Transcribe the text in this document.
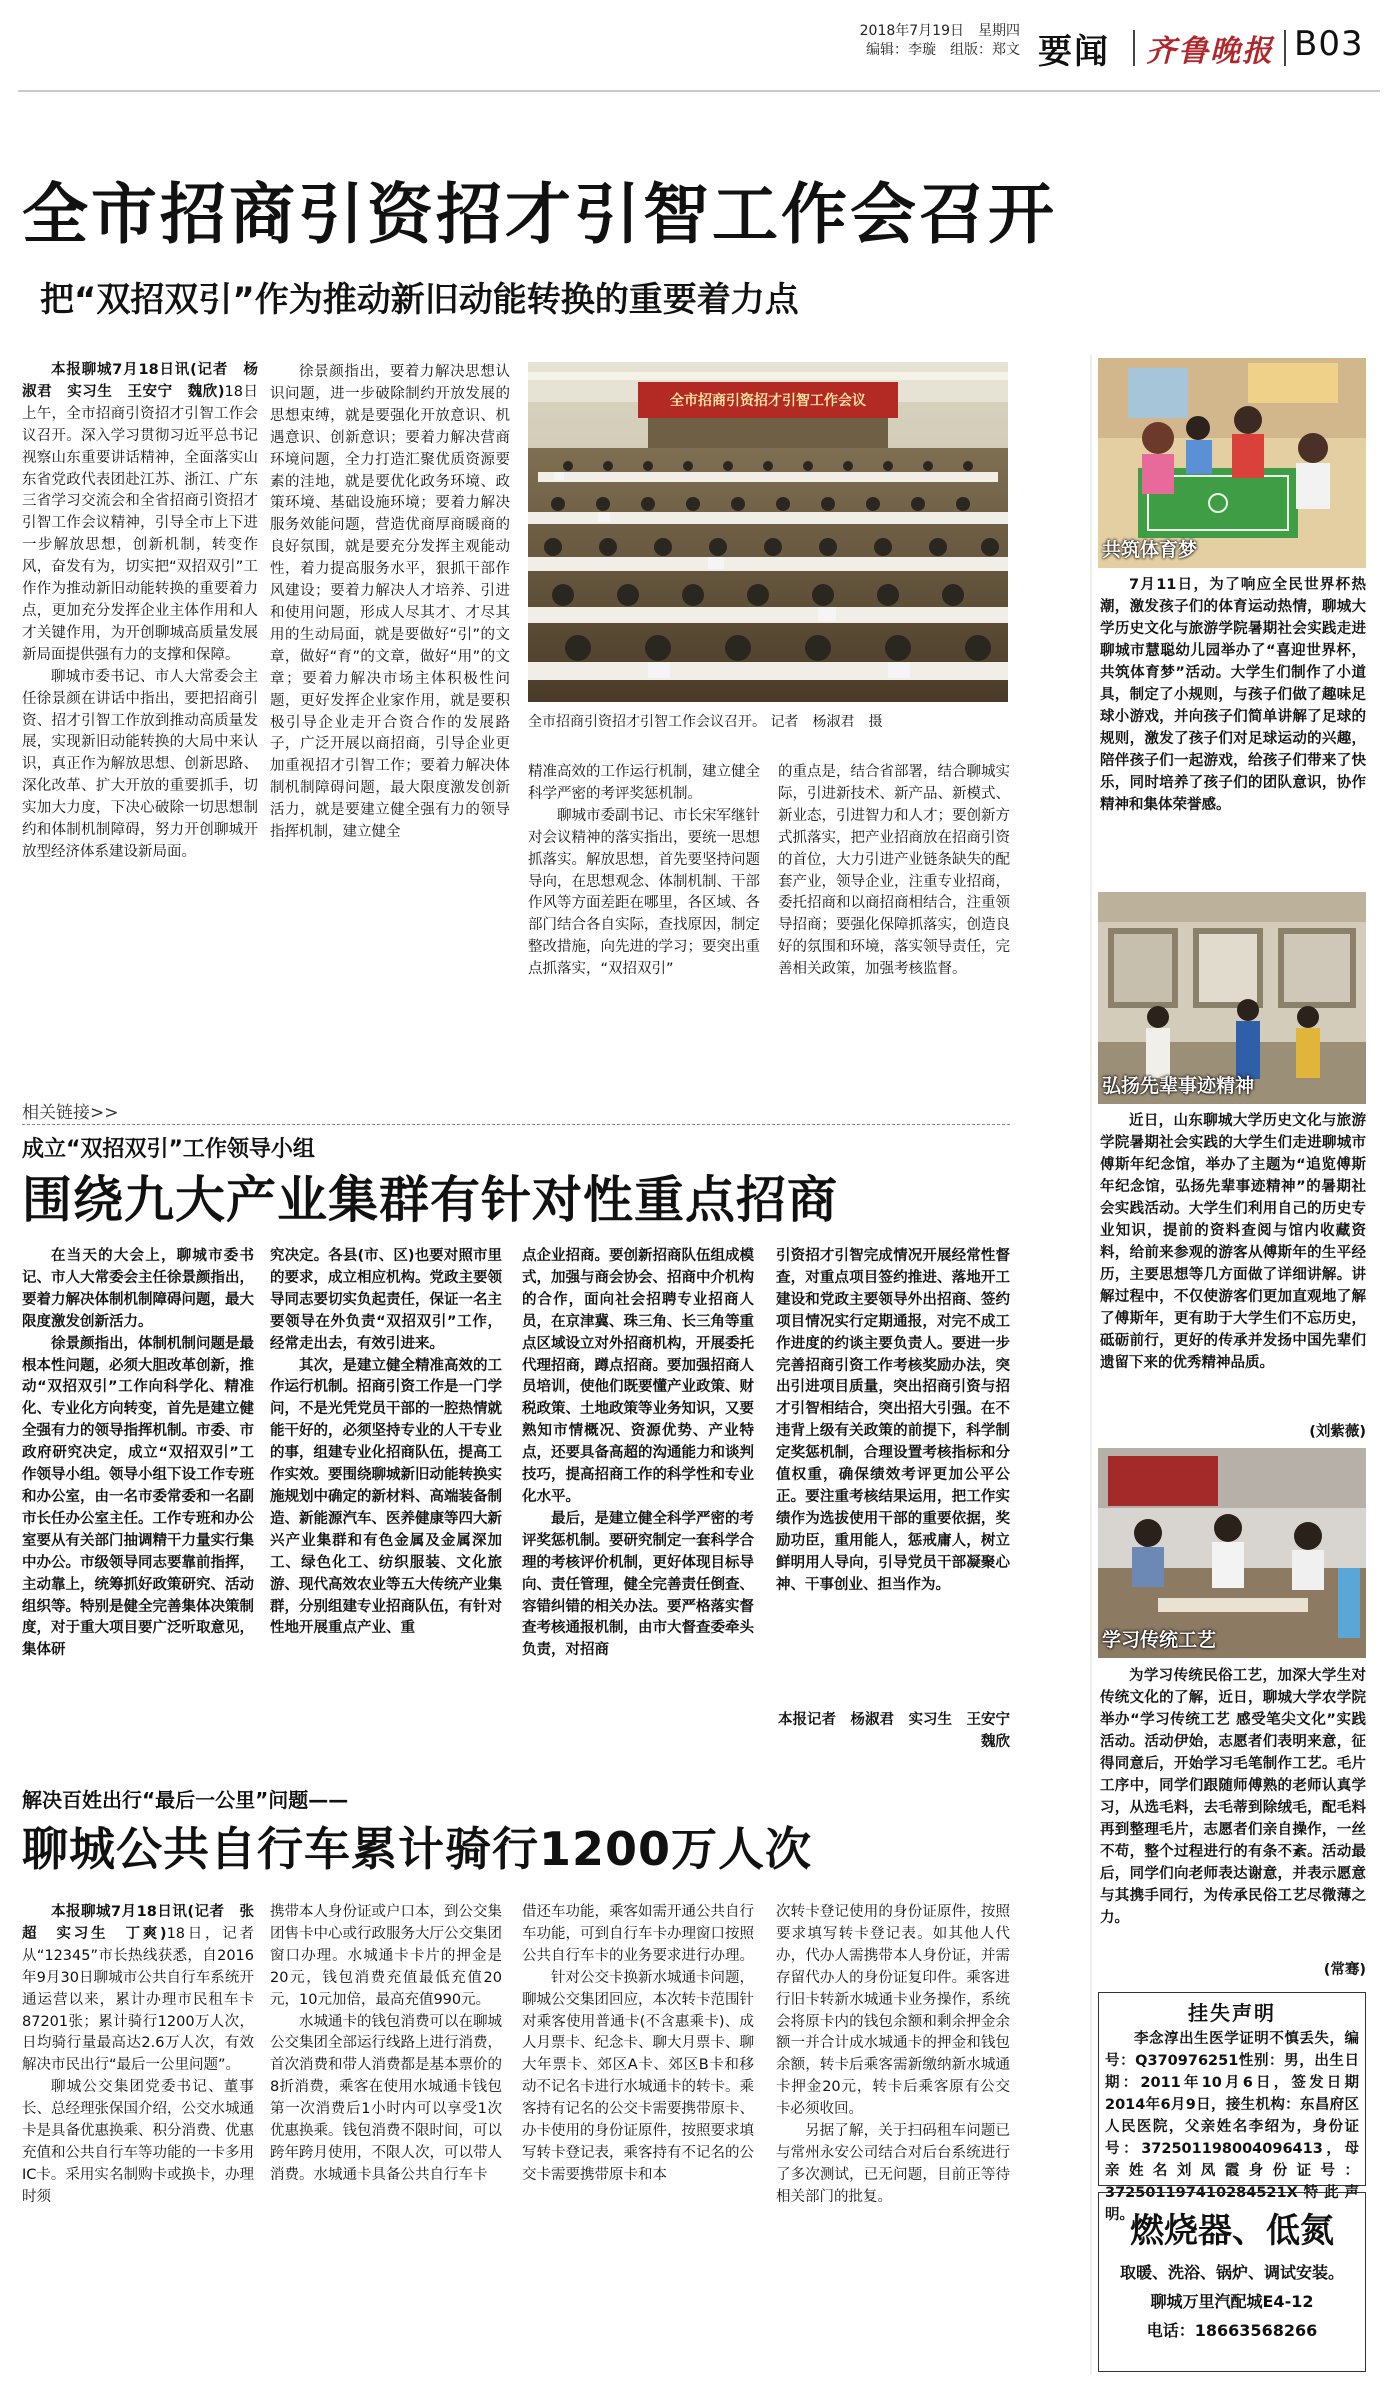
2018年7月19日　星期四
编辑：李璇　组版：郑文 要闻 齐鲁晚报 B03
全市招商引资招才引智工作会召开
把“双招双引”作为推动新旧动能转换的重要着力点
本报聊城7月18日讯(记者　杨淑君　实习生　王安宁　魏欣)18日上午，全市招商引资招才引智工作会议召开。深入学习贯彻习近平总书记视察山东重要讲话精神，全面落实山东省党政代表团赴江苏、浙江、广东三省学习交流会和全省招商引资招才引智工作会议精神，引导全市上下进一步解放思想，创新机制，转变作风，奋发有为，切实把“双招双引”工作作为推动新旧动能转换的重要着力点，更加充分发挥企业主体作用和人才关键作用，为开创聊城高质量发展新局面提供强有力的支撑和保障。
聊城市委书记、市人大常委会主任徐景颜在讲话中指出，要把招商引资、招才引智工作放到推动高质量发展，实现新旧动能转换的大局中来认识，真正作为解放思想、创新思路、深化改革、扩大开放的重要抓手，切实加大力度，下决心破除一切思想制约和体制机制障碍，努力开创聊城开放型经济体系建设新局面。
徐景颜指出，要着力解决思想认识问题，进一步破除制约开放发展的思想束缚，就是要强化开放意识、机遇意识、创新意识；要着力解决营商环境问题，全力打造汇聚优质资源要素的洼地，就是要优化政务环境、政策环境、基础设施环境；要着力解决服务效能问题，营造优商厚商暖商的良好氛围，就是要充分发挥主观能动性，着力提高服务水平，狠抓干部作风建设；要着力解决人才培养、引进和使用问题，形成人尽其才、才尽其用的生动局面，就是要做好“引”的文章，做好“育”的文章，做好“用”的文章；要着力解决市场主体积极性问题，更好发挥企业家作用，就是要积极引导企业走开合资合作的发展路子，广泛开展以商招商，引导企业更加重视招才引智工作；要着力解决体制机制障碍问题，最大限度激发创新活力，就是要建立健全强有力的领导指挥机制，建立健全
全市招商引资招才引智工作会议
全市招商引资招才引智工作会议召开。 记者　杨淑君　摄
精准高效的工作运行机制，建立健全科学严密的考评奖惩机制。
聊城市委副书记、市长宋军继针对会议精神的落实指出，要统一思想抓落实。解放思想，首先要坚持问题导向，在思想观念、体制机制、干部作风等方面差距在哪里，各区域、各部门结合各自实际，查找原因，制定整改措施，向先进的学习；要突出重点抓落实，“双招双引”
的重点是，结合省部署，结合聊城实际，引进新技术、新产品、新模式、新业态，引进智力和人才；要创新方式抓落实，把产业招商放在招商引资的首位，大力引进产业链条缺失的配套产业，领导企业，注重专业招商，委托招商和以商招商相结合，注重领导招商；要强化保障抓落实，创造良好的氛围和环境，落实领导责任，完善相关政策，加强考核监督。
相关链接>>
成立“双招双引”工作领导小组
围绕九大产业集群有针对性重点招商
在当天的大会上，聊城市委书记、市人大常委会主任徐景颜指出，要着力解决体制机制障碍问题，最大限度激发创新活力。
徐景颜指出，体制机制问题是最根本性问题，必须大胆改革创新，推动“双招双引”工作向科学化、精准化、专业化方向转变，首先是建立健全强有力的领导指挥机制。市委、市政府研究决定，成立“双招双引”工作领导小组。领导小组下设工作专班和办公室，由一名市委常委和一名副市长任办公室主任。工作专班和办公室要从有关部门抽调精干力量实行集中办公。市级领导同志要靠前指挥，主动靠上，统筹抓好政策研究、活动组织等。特别是健全完善集体决策制度，对于重大项目要广泛听取意见，集体研
究决定。各县(市、区)也要对照市里的要求，成立相应机构。党政主要领导同志要切实负起责任，保证一名主要领导在外负责“双招双引”工作，经常走出去，有效引进来。
其次，是建立健全精准高效的工作运行机制。招商引资工作是一门学问，不是光凭党员干部的一腔热情就能干好的，必须坚持专业的人干专业的事，组建专业化招商队伍，提高工作实效。要围绕聊城新旧动能转换实施规划中确定的新材料、高端装备制造、新能源汽车、医养健康等四大新兴产业集群和有色金属及金属深加工、绿色化工、纺织服装、文化旅游、现代高效农业等五大传统产业集群，分别组建专业招商队伍，有针对性地开展重点产业、重
点企业招商。要创新招商队伍组成模式，加强与商会协会、招商中介机构的合作，面向社会招聘专业招商人员，在京津冀、珠三角、长三角等重点区域设立对外招商机构，开展委托代理招商，蹲点招商。要加强招商人员培训，使他们既要懂产业政策、财税政策、土地政策等业务知识，又要熟知市情概况、资源优势、产业特点，还要具备高超的沟通能力和谈判技巧，提高招商工作的科学性和专业化水平。
最后，是建立健全科学严密的考评奖惩机制。要研究制定一套科学合理的考核评价机制，更好体现目标导向、责任管理，健全完善责任倒查、容错纠错的相关办法。要严格落实督查考核通报机制，由市大督查委牵头负责，对招商
引资招才引智完成情况开展经常性督查，对重点项目签约推进、落地开工建设和党政主要领导外出招商、签约项目情况实行定期通报，对完不成工作进度的约谈主要负责人。要进一步完善招商引资工作考核奖励办法，突出引进项目质量，突出招商引资与招才引智相结合，突出招大引强。在不违背上级有关政策的前提下，科学制定奖惩机制，合理设置考核指标和分值权重，确保绩效考评更加公平公正。要注重考核结果运用，把工作实绩作为选拔使用干部的重要依据，奖励功臣，重用能人，惩戒庸人，树立鲜明用人导向，引导党员干部凝聚心神、干事创业、担当作为。
本报记者　杨淑君　实习生　王安宁　魏欣
解决百姓出行“最后一公里”问题——
聊城公共自行车累计骑行1200万人次
本报聊城7月18日讯(记者　张超　实习生　丁爽)18日，记者从“12345”市长热线获悉，自2016年9月30日聊城市公共自行车系统开通运营以来，累计办理市民租车卡87201张；累计骑行1200万人次，日均骑行量最高达2.6万人次，有效解决市民出行“最后一公里问题”。
聊城公交集团党委书记、董事长、总经理张保国介绍，公交水城通卡是具备优惠换乘、积分消费、优惠充值和公共自行车等功能的一卡多用IC卡。采用实名制购卡或换卡，办理时须
携带本人身份证或户口本，到公交集团售卡中心或行政服务大厅公交集团窗口办理。水城通卡卡片的押金是20元，钱包消费充值最低充值20元，10元加倍，最高充值990元。
水城通卡的钱包消费可以在聊城公交集团全部运行线路上进行消费，首次消费和带人消费都是基本票价的8折消费，乘客在使用水城通卡钱包第一次消费后1小时内可以享受1次优惠换乘。钱包消费不限时间，可以跨年跨月使用，不限人次，可以带人消费。水城通卡具备公共自行车卡
借还车功能，乘客如需开通公共自行车功能，可到自行车卡办理窗口按照公共自行车卡的业务要求进行办理。
针对公交卡换新水城通卡问题，聊城公交集团回应，本次转卡范围针对乘客使用普通卡(不含惠乘卡)、成人月票卡、纪念卡、聊大月票卡、聊大年票卡、郊区A卡、郊区B卡和移动不记名卡进行水城通卡的转卡。乘客持有记名的公交卡需要携带原卡、办卡使用的身份证原件，按照要求填写转卡登记表，乘客持有不记名的公交卡需要携带原卡和本
次转卡登记使用的身份证原件，按照要求填写转卡登记表。如其他人代办，代办人需携带本人身份证，并需存留代办人的身份证复印件。乘客进行旧卡转新水城通卡业务操作，系统会将原卡内的钱包余额和剩余押金余额一并合计成水城通卡的押金和钱包余额，转卡后乘客需新缴纳新水城通卡押金20元，转卡后乘客原有公交卡必须收回。
另据了解，关于扫码租车问题已与常州永安公司结合对后台系统进行了多次测试，已无问题，目前正等待相关部门的批复。
共筑体育梦
7月11日，为了响应全民世界杯热潮，激发孩子们的体育运动热情，聊城大学历史文化与旅游学院暑期社会实践走进聊城市慧聪幼儿园举办了“喜迎世界杯，共筑体育梦”活动。大学生们制作了小道具，制定了小规则，与孩子们做了趣味足球小游戏，并向孩子们简单讲解了足球的规则，激发了孩子们对足球运动的兴趣，陪伴孩子们一起游戏，给孩子们带来了快乐，同时培养了孩子们的团队意识，协作精神和集体荣誉感。
弘扬先辈事迹精神
近日，山东聊城大学历史文化与旅游学院暑期社会实践的大学生们走进聊城市傅斯年纪念馆，举办了主题为“追览傅斯年纪念馆，弘扬先辈事迹精神”的暑期社会实践活动。大学生们利用自己的历史专业知识，提前的资料查阅与馆内收藏资料，给前来参观的游客从傅斯年的生平经历，主要思想等几方面做了详细讲解。讲解过程中，不仅使游客们更加直观地了解了傅斯年，更有助于大学生们不忘历史，砥砺前行，更好的传承并发扬中国先辈们遗留下来的优秀精神品质。
(刘紫薇)
学习传统工艺
为学习传统民俗工艺，加深大学生对传统文化的了解，近日，聊城大学农学院举办“学习传统工艺 感受笔尖文化”实践活动。活动伊始，志愿者们表明来意，征得同意后，开始学习毛笔制作工艺。毛片工序中，同学们跟随师傅熟的老师认真学习，从选毛料，去毛蒂到除绒毛，配毛料再到整理毛片，志愿者们亲自操作，一丝不苟，整个过程进行的有条不紊。活动最后，同学们向老师表达谢意，并表示愿意与其携手同行，为传承民俗工艺尽微薄之力。
(常骞)
挂失声明
李念淳出生医学证明不慎丢失，编号：Q370976251性别：男，出生日期：2011年10月6日，签发日期2014年6月9日，接生机构：东昌府区人民医院，父亲姓名李绍为，身份证号：372501198004096413，母亲姓名刘凤霞身份证号：372501197410284521X特此声明。
燃烧器、低氮
取暖、洗浴、锅炉、调试安装。
聊城万里汽配城E4-12
电话：18663568266
